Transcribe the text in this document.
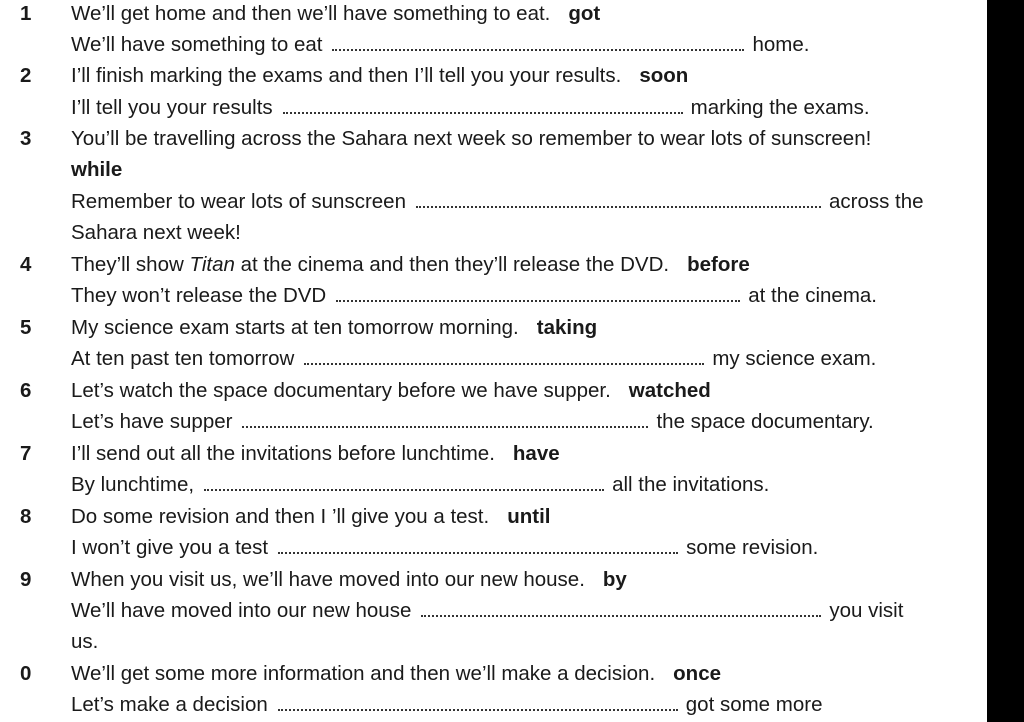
1 We’ll get home and then we’ll have something to eat. got
We’ll have something to eat	home.
2 I’ll finish marking the exams and then I’ll tell you your results. soon
I’ll tell you your results	marking the exams.
3 You’ll be travelling across the Sahara next week so remember to wear lots of sunscreen!
while
Remember to wear lots of sunscreen	across the
Sahara next week!
4 They’ll show Titan at the cinema and then they’ll release the DVD. before
They won’t release the DVD	at the cinema.
5 My science exam starts at ten tomorrow morning. taking
At ten past ten tomorrow	my science exam.
6 Let’s watch the space documentary before we have supper. watched
Let’s have supper	the space documentary.
7 I’ll send out all the invitations before lunchtime. have
By lunchtime,	all the invitations.
8 Do some revision and then I ’ll give you a test. until
I won’t give you a test	some revision.
9 When you visit us, we’ll have moved into our new house. by
We’ll have moved into our new house	you visit
us.
0 We’ll get some more information and then we’ll make a decision. once
Let’s make a decision	got some more
